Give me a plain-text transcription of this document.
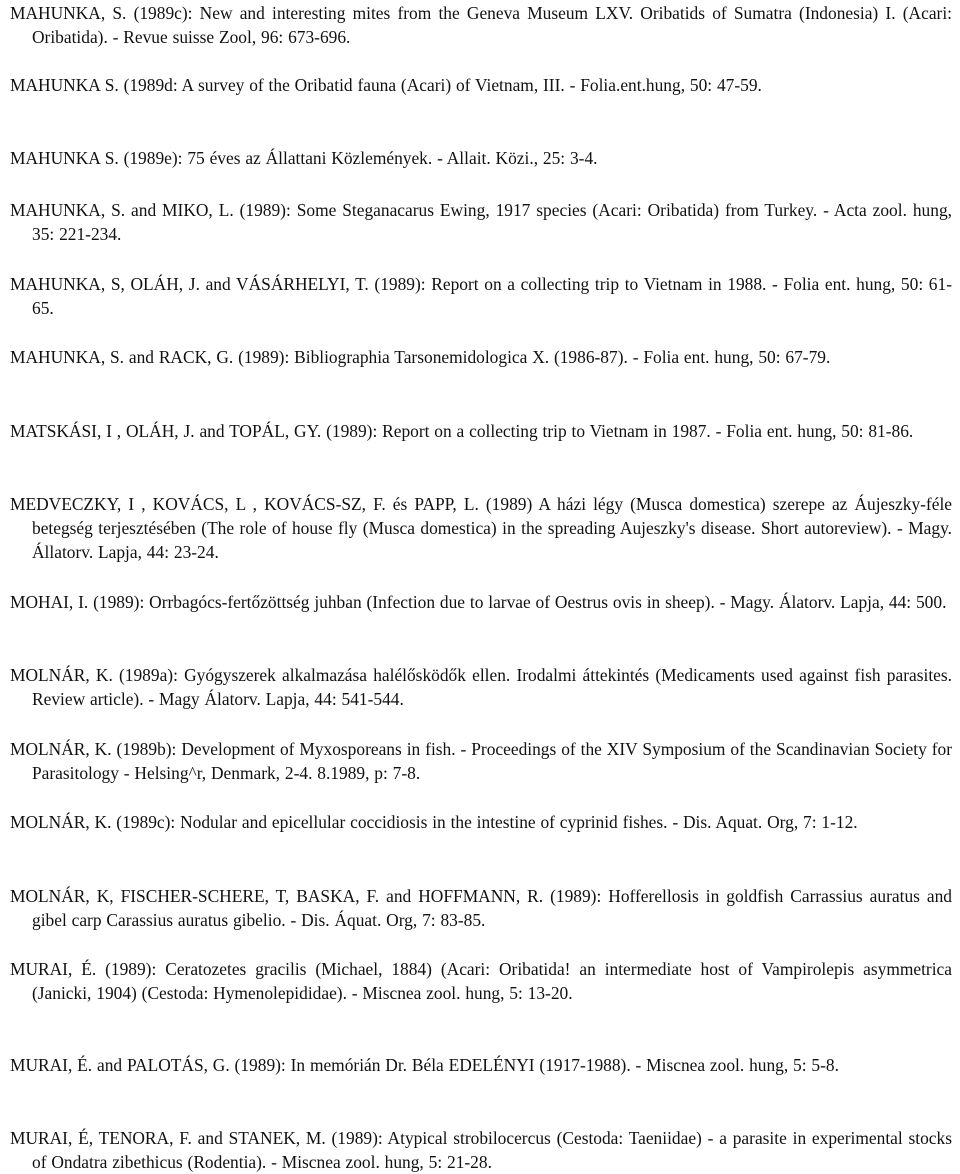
MAHUNKA, S. (1989c): New and interesting mites from the Geneva Museum LXV. Oribatids of Sumatra (Indonesia) I. (Acari: Oribatida). - Revue suisse Zool, 96: 673-696.

MAHUNKA S. (1989d: A survey of the Oribatid fauna (Acari) of Vietnam, III. - Folia.ent.hung, 50: 47-59.

MAHUNKA S. (1989e): 75 éves az Állattani Közlemények. - Allait. Közi., 25: 3-4.

MAHUNKA, S. and MIKO, L. (1989): Some Steganacarus Ewing, 1917 species (Acari: Oribatida) from Turkey. - Acta zool. hung, 35: 221-234.

MAHUNKA, S, OLÁH, J. and VÁSÁRHELYI, T. (1989): Report on a collecting trip to Vietnam in 1988. - Folia ent. hung, 50: 61-65.

MAHUNKA, S. and RACK, G. (1989): Bibliographia Tarsonemidologica X. (1986-87). - Folia ent. hung, 50: 67-79.

MATSKÁSI, I , OLÁH, J. and TOPÁL, GY. (1989): Report on a collecting trip to Vietnam in 1987. - Folia ent. hung, 50: 81-86.

MEDVECZKY, I , KOVÁCS, L , KOVÁCS-SZ, F. és PAPP, L. (1989) A házi légy (Musca domestica) szerepe az Áujeszky-féle betegség terjesztésében (The role of house fly (Musca domestica) in the spreading Aujeszky's disease. Short autoreview). - Magy. Állatorv. Lapja, 44: 23-24.

MOHAI, I. (1989): Orrbagócs-fertőzöttség juhban (Infection due to larvae of Oestrus ovis in sheep). - Magy. Álatorv. Lapja, 44: 500.

MOLNÁR, K. (1989a): Gyógyszerek alkalmazása halélősködők ellen. Irodalmi áttekintés (Medicaments used against fish parasites. Review article). - Magy Álatorv. Lapja, 44: 541-544.

MOLNÁR, K. (1989b): Development of Myxosporeans in fish. - Proceedings of the XIV Symposium of the Scandinavian Society for Parasitology - Helsing^r, Denmark, 2-4. 8.1989, p: 7-8.

MOLNÁR, K. (1989c): Nodular and epicellular coccidiosis in the intestine of cyprinid fishes. - Dis. Aquat. Org, 7: 1-12.

MOLNÁR, K, FISCHER-SCHERE, T, BASKA, F. and HOFFMANN, R. (1989): Hofferellosis in goldfish Carrassius auratus and gibel carp Carassius auratus gibelio. - Dis. Áquat. Org, 7: 83-85.

MURAI, É. (1989): Ceratozetes gracilis (Michael, 1884) (Acari: Oribatida! an intermediate host of Vampirolepis asymmetrica (Janicki, 1904) (Cestoda: Hymenolepididae). - Miscnea zool. hung, 5: 13-20.

MURAI, É. and PALOTÁS, G. (1989): In memórián Dr. Béla EDELÉNYI (1917-1988). - Miscnea zool. hung, 5: 5-8.

MURAI, É, TENORA, F. and STANEK, M. (1989): Atypical strobilocercus (Cestoda: Taeniidae) - a parasite in experimental stocks of Ondatra zibethicus (Rodentia). - Miscnea zool. hung, 5: 21-28.
